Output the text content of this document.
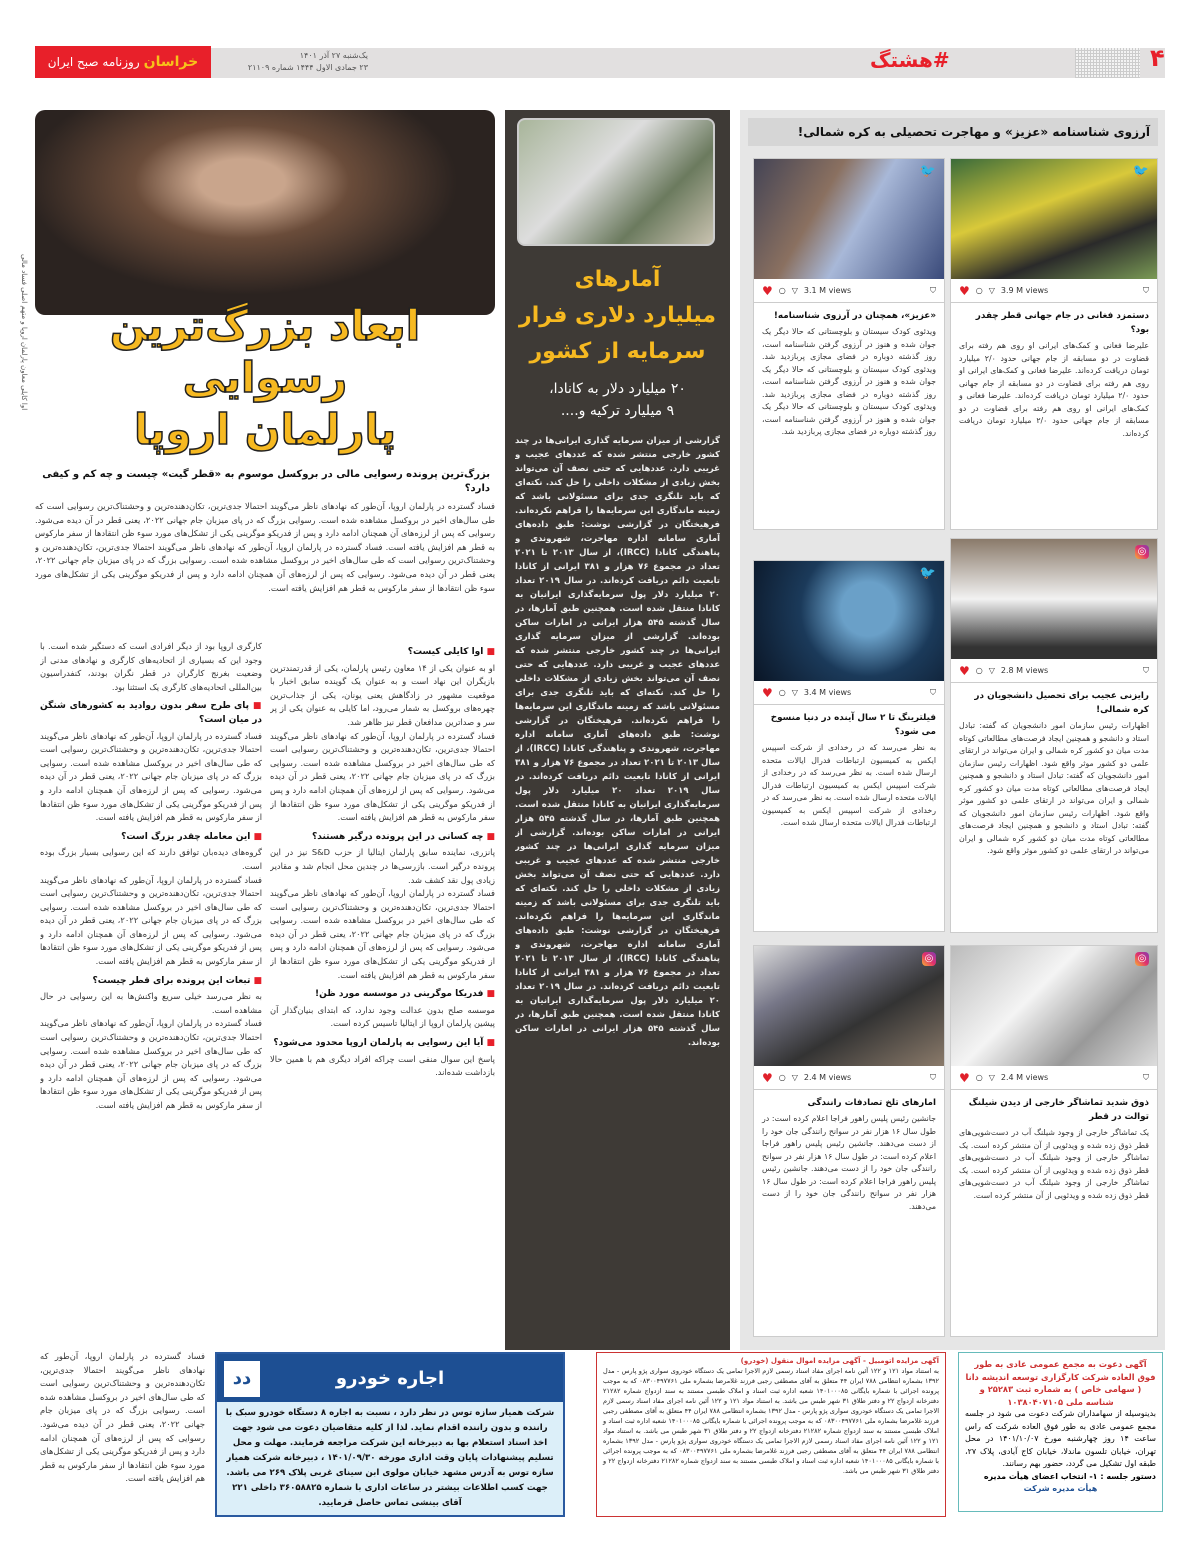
خراسان
روزنامه صبح ایران	یک‌شنبه ۲۷ آذر ۱۴۰۱
۲۳ جمادی الاول ۱۴۴۴ شماره ۲۱۱۰۹	۴
#هشتگ
اوا کایلی معاون پارلمان اروپا و متهم اصلی فساد مالی	ابعاد بزرگ‌ترین رسوایی
پارلمان اروپا
بزرگ‌ترین پرونده رسوایی مالی در بروکسل موسوم به «قطر گیت» چیست و چه کم و کیفی دارد؟
فساد گسترده در پارلمان اروپا، آن‌طور که نهادهای ناظر می‌گویند احتمالا جدی‌ترین، تکان‌دهنده‌ترین و وحشتناک‌ترین رسوایی است که طی سال‌های اخیر در بروکسل مشاهده شده است. رسوایی بزرگ که در پای میزبان جام جهانی ۲۰۲۲، یعنی قطر در آن دیده می‌شود. رسوایی که پس از لرزه‌های آن همچنان ادامه دارد و پس از فدریکو موگرینی یکی از تشکل‌های مورد سوء ظن انتقادها از سفر مارکوس به قطر هم افزایش یافته است. فساد گسترده در پارلمان اروپا، آن‌طور که نهادهای ناظر می‌گویند احتمالا جدی‌ترین، تکان‌دهنده‌ترین و وحشتناک‌ترین رسوایی است که طی سال‌های اخیر در بروکسل مشاهده شده است. رسوایی بزرگ که در پای میزبان جام جهانی ۲۰۲۲، یعنی قطر در آن دیده می‌شود. رسوایی که پس از لرزه‌های آن همچنان ادامه دارد و پس از فدریکو موگرینی یکی از تشکل‌های مورد سوء ظن انتقادها از سفر مارکوس به قطر هم افزایش یافته است.
■ اوا کایلی کیست؟
او به عنوان یکی از ۱۴ معاون رئیس پارلمان، یکی از قدرتمندترین بازیگران این نهاد است و به عنوان یک گوینده سابق اخبار با موقعیت مشهور در زادگاهش یعنی یونان، یکی از جذاب‌ترین چهره‌های بروکسل به شمار می‌رود، اما کایلی به عنوان یکی از پر سر و صداترین مدافعان قطر نیز ظاهر شد.
فساد گسترده در پارلمان اروپا، آن‌طور که نهادهای ناظر می‌گویند احتمالا جدی‌ترین، تکان‌دهنده‌ترین و وحشتناک‌ترین رسوایی است که طی سال‌های اخیر در بروکسل مشاهده شده است. رسوایی بزرگ که در پای میزبان جام جهانی ۲۰۲۲، یعنی قطر در آن دیده می‌شود. رسوایی که پس از لرزه‌های آن همچنان ادامه دارد و پس از فدریکو موگرینی یکی از تشکل‌های مورد سوء ظن انتقادها از سفر مارکوس به قطر هم افزایش یافته است.
■ چه کسانی در این پرونده درگیر هستند؟
پانزری، نماینده سابق پارلمان ایتالیا از حزب S&D نیز در این پرونده درگیر است. بازرسی‌ها در چندین محل انجام شد و مقادیر زیادی پول نقد کشف شد.
فساد گسترده در پارلمان اروپا، آن‌طور که نهادهای ناظر می‌گویند احتمالا جدی‌ترین، تکان‌دهنده‌ترین و وحشتناک‌ترین رسوایی است که طی سال‌های اخیر در بروکسل مشاهده شده است. رسوایی بزرگ که در پای میزبان جام جهانی ۲۰۲۲، یعنی قطر در آن دیده می‌شود. رسوایی که پس از لرزه‌های آن همچنان ادامه دارد و پس از فدریکو موگرینی یکی از تشکل‌های مورد سوء ظن انتقادها از سفر مارکوس به قطر هم افزایش یافته است.
■ فدریکا موگرینی در موسسه مورد ظن!
موسسه صلح بدون عدالت وجود ندارد، که ابتدای بنیان‌گذار آن پیشین پارلمان اروپا از ایتالیا تاسیس کرده است.
■ آیا این رسوایی به پارلمان اروپا محدود می‌شود؟
پاسخ این سوال منفی است چراکه افراد دیگری هم با همین حالا بازداشت شده‌اند.
کارگری اروپا بود از دیگر افرادی است که دستگیر شده است. با وجود این که بسیاری از اتحادیه‌های کارگری و نهادهای مدنی از وضعیت بغرنج کارگران در قطر نگران بودند، کنفدراسیون بین‌المللی اتحادیه‌های کارگری یک استثنا بود.
■ پای طرح سفر بدون روادید به کشورهای شنگن در میان است؟
فساد گسترده در پارلمان اروپا، آن‌طور که نهادهای ناظر می‌گویند احتمالا جدی‌ترین، تکان‌دهنده‌ترین و وحشتناک‌ترین رسوایی است که طی سال‌های اخیر در بروکسل مشاهده شده است. رسوایی بزرگ که در پای میزبان جام جهانی ۲۰۲۲، یعنی قطر در آن دیده می‌شود. رسوایی که پس از لرزه‌های آن همچنان ادامه دارد و پس از فدریکو موگرینی یکی از تشکل‌های مورد سوء ظن انتقادها از سفر مارکوس به قطر هم افزایش یافته است.
■ این معامله چقدر بزرگ است؟
گروه‌های دیده‌بان توافق دارند که این رسوایی بسیار بزرگ بوده است.
فساد گسترده در پارلمان اروپا، آن‌طور که نهادهای ناظر می‌گویند احتمالا جدی‌ترین، تکان‌دهنده‌ترین و وحشتناک‌ترین رسوایی است که طی سال‌های اخیر در بروکسل مشاهده شده است. رسوایی بزرگ که در پای میزبان جام جهانی ۲۰۲۲، یعنی قطر در آن دیده می‌شود. رسوایی که پس از لرزه‌های آن همچنان ادامه دارد و پس از فدریکو موگرینی یکی از تشکل‌های مورد سوء ظن انتقادها از سفر مارکوس به قطر هم افزایش یافته است.
■ تبعات این پرونده برای قطر چیست؟
به نظر می‌رسد خیلی سریع واکنش‌ها به این رسوایی در حال مشاهده است.
فساد گسترده در پارلمان اروپا، آن‌طور که نهادهای ناظر می‌گویند احتمالا جدی‌ترین، تکان‌دهنده‌ترین و وحشتناک‌ترین رسوایی است که طی سال‌های اخیر در بروکسل مشاهده شده است. رسوایی بزرگ که در پای میزبان جام جهانی ۲۰۲۲، یعنی قطر در آن دیده می‌شود. رسوایی که پس از لرزه‌های آن همچنان ادامه دارد و پس از فدریکو موگرینی یکی از تشکل‌های مورد سوء ظن انتقادها از سفر مارکوس به قطر هم افزایش یافته است.
فساد گسترده در پارلمان اروپا، آن‌طور که نهادهای ناظر می‌گویند احتمالا جدی‌ترین، تکان‌دهنده‌ترین و وحشتناک‌ترین رسوایی است که طی سال‌های اخیر در بروکسل مشاهده شده است. رسوایی بزرگ که در پای میزبان جام جهانی ۲۰۲۲، یعنی قطر در آن دیده می‌شود. رسوایی که پس از لرزه‌های آن همچنان ادامه دارد و پس از فدریکو موگرینی یکی از تشکل‌های مورد سوء ظن انتقادها از سفر مارکوس به قطر هم افزایش یافته است.
آمارهای
میلیارد دلاری فرار
سرمایه از کشور
۲۰ میلیارد دلار به کانادا،
۹ میلیارد ترکیه و....
گزارشی از میزان سرمایه گذاری ایرانی‌ها در چند کشور خارجی منتشر شده که عددهای عجیب و غریبی دارد. عددهایی که حتی نصف آن می‌تواند بخش زیادی از مشکلات داخلی را حل کند. نکته‌ای که باید تلنگری جدی برای مسئولانی باشد که زمینه ماندگاری این سرمایه‌ها را فراهم نکرده‌اند. فرهیختگان در گزارشی نوشت: طبق داده‌های آماری سامانه اداره مهاجرت، شهروندی و پناهندگی کانادا (IRCC)، از سال ۲۰۱۳ تا ۲۰۲۱ تعداد در مجموع ۷۶ هزار و ۳۸۱ ایرانی از کانادا تابعیت دائم دریافت کرده‌اند. در سال ۲۰۱۹ تعداد ۲۰ میلیارد دلار پول سرمایه‌گذاری ایرانیان به کانادا منتقل شده است. همچنین طبق آمارها، در سال گذشته ۵۴۵ هزار ایرانی در امارات ساکن بوده‌اند. گزارشی از میزان سرمایه گذاری ایرانی‌ها در چند کشور خارجی منتشر شده که عددهای عجیب و غریبی دارد. عددهایی که حتی نصف آن می‌تواند بخش زیادی از مشکلات داخلی را حل کند. نکته‌ای که باید تلنگری جدی برای مسئولانی باشد که زمینه ماندگاری این سرمایه‌ها را فراهم نکرده‌اند. فرهیختگان در گزارشی نوشت: طبق داده‌های آماری سامانه اداره مهاجرت، شهروندی و پناهندگی کانادا (IRCC)، از سال ۲۰۱۳ تا ۲۰۲۱ تعداد در مجموع ۷۶ هزار و ۳۸۱ ایرانی از کانادا تابعیت دائم دریافت کرده‌اند. در سال ۲۰۱۹ تعداد ۲۰ میلیارد دلار پول سرمایه‌گذاری ایرانیان به کانادا منتقل شده است. همچنین طبق آمارها، در سال گذشته ۵۴۵ هزار ایرانی در امارات ساکن بوده‌اند. گزارشی از میزان سرمایه گذاری ایرانی‌ها در چند کشور خارجی منتشر شده که عددهای عجیب و غریبی دارد. عددهایی که حتی نصف آن می‌تواند بخش زیادی از مشکلات داخلی را حل کند. نکته‌ای که باید تلنگری جدی برای مسئولانی باشد که زمینه ماندگاری این سرمایه‌ها را فراهم نکرده‌اند. فرهیختگان در گزارشی نوشت: طبق داده‌های آماری سامانه اداره مهاجرت، شهروندی و پناهندگی کانادا (IRCC)، از سال ۲۰۱۳ تا ۲۰۲۱ تعداد در مجموع ۷۶ هزار و ۳۸۱ ایرانی از کانادا تابعیت دائم دریافت کرده‌اند. در سال ۲۰۱۹ تعداد ۲۰ میلیارد دلار پول سرمایه‌گذاری ایرانیان به کانادا منتقل شده است. همچنین طبق آمارها، در سال گذشته ۵۴۵ هزار ایرانی در امارات ساکن بوده‌اند.
آرزوی شناسنامه «عزیز» و مهاجرت تحصیلی به کره شمالی!
🐦
♥ ○ ▽ 3.9 M views	⛉
دستمزد فغانی در جام جهانی قطر چقدر بود؟
علیرضا فغانی و کمک‌های ایرانی او روی هم رفته برای قضاوت در دو مسابقه از جام جهانی حدود ۲/۰ میلیارد تومان دریافت کرده‌اند. علیرضا فغانی و کمک‌های ایرانی او روی هم رفته برای قضاوت در دو مسابقه از جام جهانی حدود ۲/۰ میلیارد تومان دریافت کرده‌اند. علیرضا فغانی و کمک‌های ایرانی او روی هم رفته برای قضاوت در دو مسابقه از جام جهانی حدود ۲/۰ میلیارد تومان دریافت کرده‌اند.
🐦
♥ ○ ▽ 3.1 M views	⛉
«عزیز»، همچنان در آرزوی شناسنامه!
ویدئوی کودک سیستان و بلوچستانی که حالا دیگر یک جوان شده و هنوز در آرزوی گرفتن شناسنامه است، روز گذشته دوباره در فضای مجازی پربازدید شد. ویدئوی کودک سیستان و بلوچستانی که حالا دیگر یک جوان شده و هنوز در آرزوی گرفتن شناسنامه است، روز گذشته دوباره در فضای مجازی پربازدید شد. ویدئوی کودک سیستان و بلوچستانی که حالا دیگر یک جوان شده و هنوز در آرزوی گرفتن شناسنامه است، روز گذشته دوباره در فضای مجازی پربازدید شد.
◎
♥ ○ ▽ 2.8 M views	⛉
رایزنی عجیب برای تحصیل دانشجویان در کره شمالی!
اظهارات رئیس سازمان امور دانشجویان که گفته: تبادل استاد و دانشجو و همچنین ایجاد فرصت‌های مطالعاتی کوتاه مدت میان دو کشور کره شمالی و ایران می‌تواند در ارتقای علمی دو کشور موثر واقع شود. اظهارات رئیس سازمان امور دانشجویان که گفته: تبادل استاد و دانشجو و همچنین ایجاد فرصت‌های مطالعاتی کوتاه مدت میان دو کشور کره شمالی و ایران می‌تواند در ارتقای علمی دو کشور موثر واقع شود. اظهارات رئیس سازمان امور دانشجویان که گفته: تبادل استاد و دانشجو و همچنین ایجاد فرصت‌های مطالعاتی کوتاه مدت میان دو کشور کره شمالی و ایران می‌تواند در ارتقای علمی دو کشور موثر واقع شود.
🐦
♥ ○ ▽ 3.4 M views	⛉
فیلترینگ تا ۲ سال آینده در دنیا منسوخ می شود؟
به نظر می‌رسد که در رخدادی از شرکت اسپیس ایکس به کمیسیون ارتباطات فدرال ایالات متحده ارسال شده است. به نظر می‌رسد که در رخدادی از شرکت اسپیس ایکس به کمیسیون ارتباطات فدرال ایالات متحده ارسال شده است. به نظر می‌رسد که در رخدادی از شرکت اسپیس ایکس به کمیسیون ارتباطات فدرال ایالات متحده ارسال شده است.
◎
♥ ○ ▽ 2.4 M views	⛉
ذوق شدید تماشاگر خارجی از دیدن شیلنگ توالت در قطر
یک تماشاگر خارجی از وجود شیلنگ آب در دست‌شویی‌های قطر ذوق زده شده و ویدئویی از آن منتشر کرده است. یک تماشاگر خارجی از وجود شیلنگ آب در دست‌شویی‌های قطر ذوق زده شده و ویدئویی از آن منتشر کرده است. یک تماشاگر خارجی از وجود شیلنگ آب در دست‌شویی‌های قطر ذوق زده شده و ویدئویی از آن منتشر کرده است.
◎
♥ ○ ▽ 2.4 M views	⛉
امارهای تلخ تصادفات رانندگی
جانشین رئیس پلیس راهور فراجا اعلام کرده است: در طول سال ۱۶ هزار نفر در سوانح رانندگی جان خود را از دست می‌دهند. جانشین رئیس پلیس راهور فراجا اعلام کرده است: در طول سال ۱۶ هزار نفر در سوانح رانندگی جان خود را از دست می‌دهند. جانشین رئیس پلیس راهور فراجا اعلام کرده است: در طول سال ۱۶ هزار نفر در سوانح رانندگی جان خود را از دست می‌دهند.
اجاره خودرو
دد
شرکت همیار سازه توس در نظر دارد ، نسبت به اجاره ۸ دستگاه خودرو سبک با راننده و بدون راننده اقدام نماید. لذا از کلیه متقاضیان دعوت می شود جهت اخذ اسناد استعلام بها به دبیرخانه این شرکت مراجعه فرمایند. مهلت و محل تسلیم پیشنهادات پایان وقت اداری مورخه ۱۴۰۱/۰۹/۳۰ ، دبیرخانه شرکت همیار سازه توس به آدرس مشهد خیابان مولوی ابن سینای غربی پلاک ۲۶۹ می باشد. جهت کسب اطلاعات بیشتر در ساعات اداری با شماره ۳۶۰۵۸۸۲۵ داخلی ۲۲۱ آقای بینشی تماس حاصل فرمایید.
آگهی مزایده اتومبیل - آگهی مزایده اموال منقول (خودرو)
به استناد مواد ۱۲۱ و ۱۲۲ آئین نامه اجرای مفاد اسناد رسمی لازم الاجرا تمامی یک دستگاه خودروی سواری پژو پارس - مدل ۱۳۹۲ بشماره انتظامی ۷۸۸ ایران ۴۴ متعلق به آقای مصطفی رجبی فرزند غلامرضا بشماره ملی ۰۸۳۰۰۴۹۷۷۶۱ که به موجب پرونده اجرائی با شماره بایگانی ۱۴۰۱۰۰۰۸۵ شعبه اداره ثبت اسناد و املاک طبسی مستند به سند ازدواج شماره ۲۱۲۸۲ دفترخانه ازدواج ۲۲ و دفتر طلاق ۳۱ شهر طبس می باشد. به استناد مواد ۱۲۱ و ۱۲۲ آئین نامه اجرای مفاد اسناد رسمی لازم الاجرا تمامی یک دستگاه خودروی سواری پژو پارس - مدل ۱۳۹۲ بشماره انتظامی ۷۸۸ ایران ۴۴ متعلق به آقای مصطفی رجبی فرزند غلامرضا بشماره ملی ۰۸۳۰۰۴۹۷۷۶۱ که به موجب پرونده اجرائی با شماره بایگانی ۱۴۰۱۰۰۰۸۵ شعبه اداره ثبت اسناد و املاک طبسی مستند به سند ازدواج شماره ۲۱۲۸۲ دفترخانه ازدواج ۲۲ و دفتر طلاق ۳۱ شهر طبس می باشد. به استناد مواد ۱۲۱ و ۱۲۲ آئین نامه اجرای مفاد اسناد رسمی لازم الاجرا تمامی یک دستگاه خودروی سواری پژو پارس - مدل ۱۳۹۲ بشماره انتظامی ۷۸۸ ایران ۴۴ متعلق به آقای مصطفی رجبی فرزند غلامرضا بشماره ملی ۰۸۳۰۰۴۹۷۷۶۱ که به موجب پرونده اجرائی با شماره بایگانی ۱۴۰۱۰۰۰۸۵ شعبه اداره ثبت اسناد و املاک طبسی مستند به سند ازدواج شماره ۲۱۲۸۲ دفترخانه ازدواج ۲۲ و دفتر طلاق ۳۱ شهر طبس می باشد.
آگهی دعوت به مجمع عمومی عادی به طور فوق العاده شرکت کارگزاری توسعه اندیشه دانا ( سهامی خاص ) به شماره ثبت ۲۵۲۸۳ و شناسه ملی ۱۰۳۸۰۴۰۷۱۰۵
بدینوسیله از سهامداران شرکت دعوت می شود در جلسه مجمع عمومی عادی به طور فوق العاده شرکت که راس ساعت ۱۴ روز چهارشنبه مورخ ۱۴۰۱/۱۰/۰۷ در محل تهران، خیابان تلسون ماندلا، خیابان کاج آبادی، پلاک ۲۷، طبقه اول تشکیل می گردد، حضور بهم رسانند.
دستور جلسه : ۱- انتخاب اعضای هیأت مدیره
هیأت مدیره شرکت
